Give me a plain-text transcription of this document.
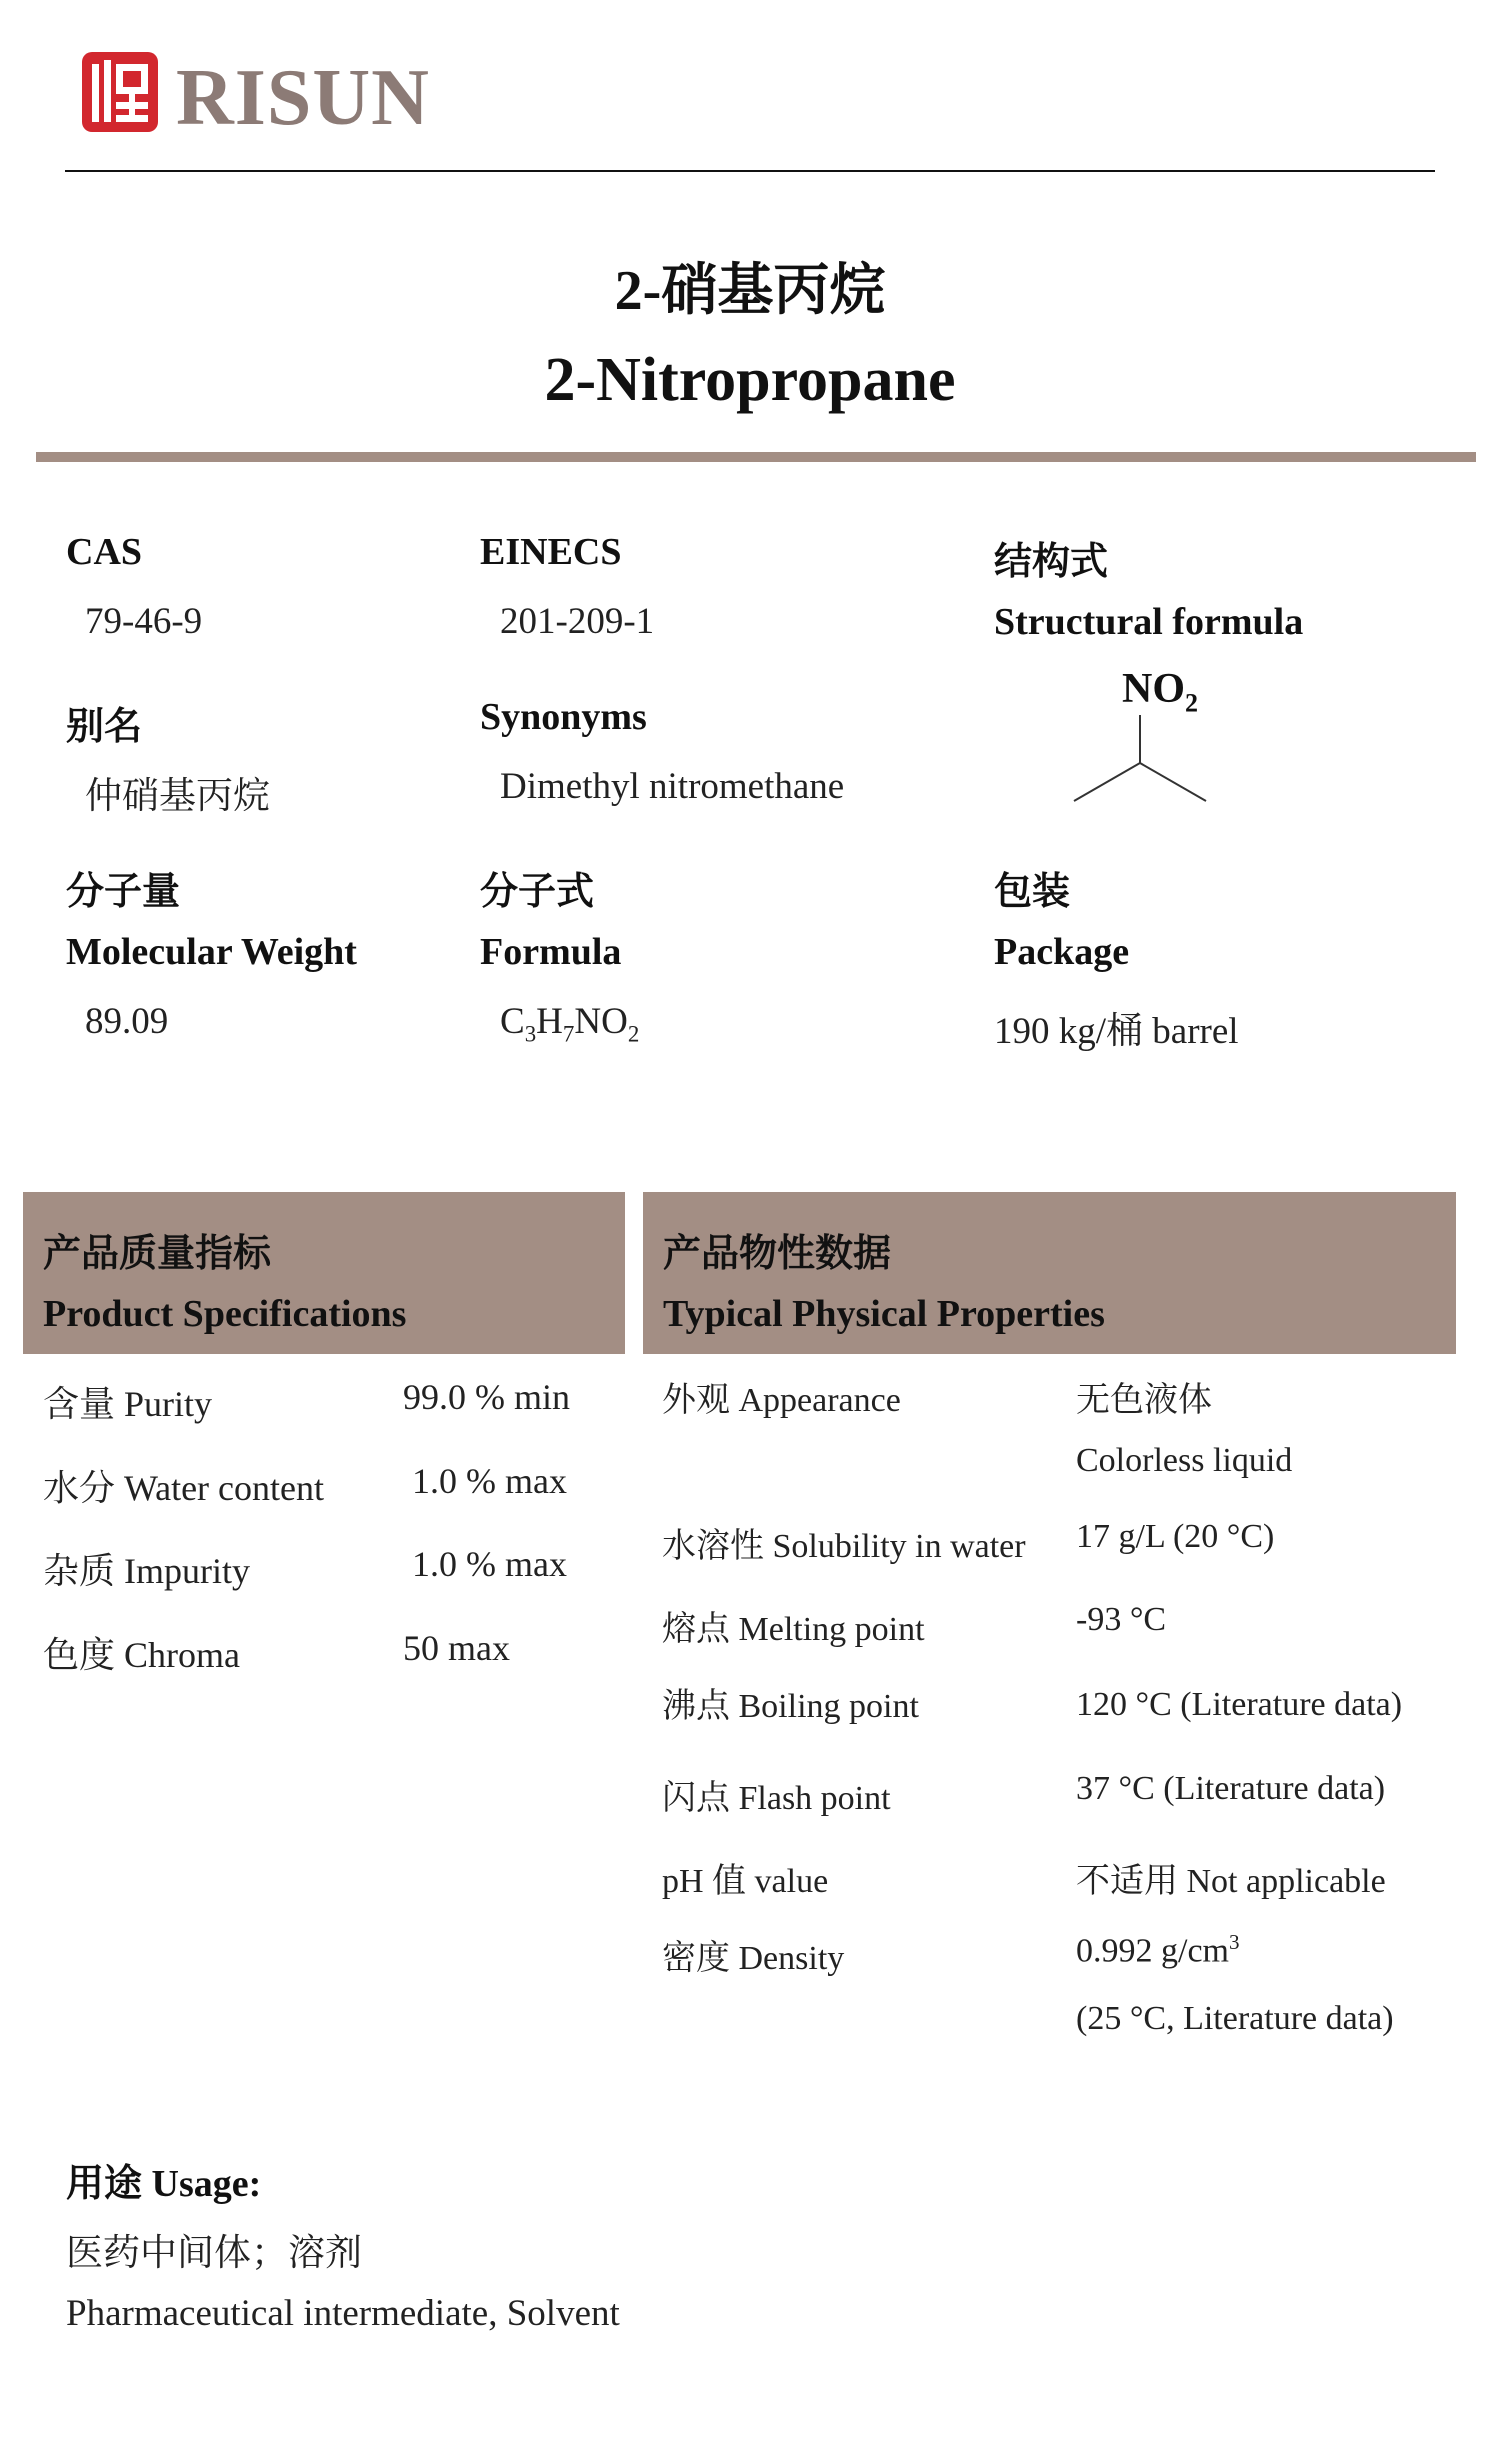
RISUN
2-硝基丙烷
2-Nitropropane
CAS
79-46-9
EINECS
201-209-1
结构式
Structural formula
$NO_2$
别名
仲硝基丙烷
Synonyms
Dimethyl nitromethane
分子量
Molecular Weight
89.09
分子式
Formula
$C_3H_7NO_2$
包装
Package
190 kg/桶 barrel
产品质量指标
Product Specifications
产品物性数据
Typical Physical Properties
含量 Purity	99.0 % min
水分 Water content 1.0 % max
杂质 Impurity	1.0 % max
色度 Chroma	50 max
外观 Appearance	无色液体
Colorless liquid
水溶性 Solubility in water 17 g/L (20 °C)
熔点 Melting point	-93 °C
沸点 Boiling point	120 °C (Literature data)
闪点 Flash point	37 °C (Literature data)
pH 值 value	不适用 Not applicable
密度 Density	0.992 $g/cm^3$
(25 °C, Literature data)
用途 Usage:
医药中间体；溶剂
Pharmaceutical intermediate, Solvent
